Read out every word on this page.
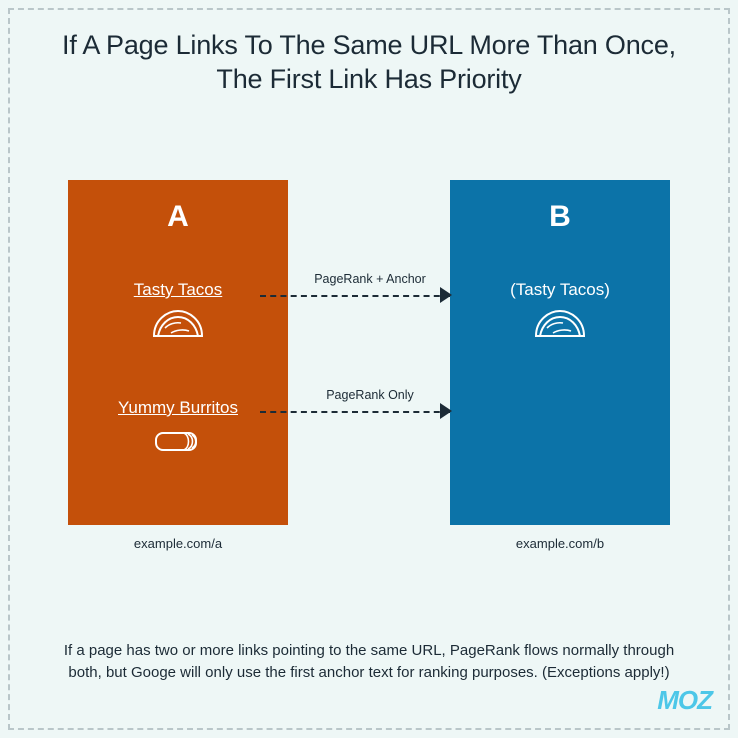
If A Page Links To The Same URL More Than Once, The First Link Has Priority
A
Tasty Tacos
Yummy Burritos
example.com/a
B
(Tasty Tacos)
example.com/b
PageRank + Anchor
PageRank Only
If a page has two or more links pointing to the same URL, PageRank flows normally through both, but Googe will only use the first anchor text for ranking purposes. (Exceptions apply!)
MOZ
